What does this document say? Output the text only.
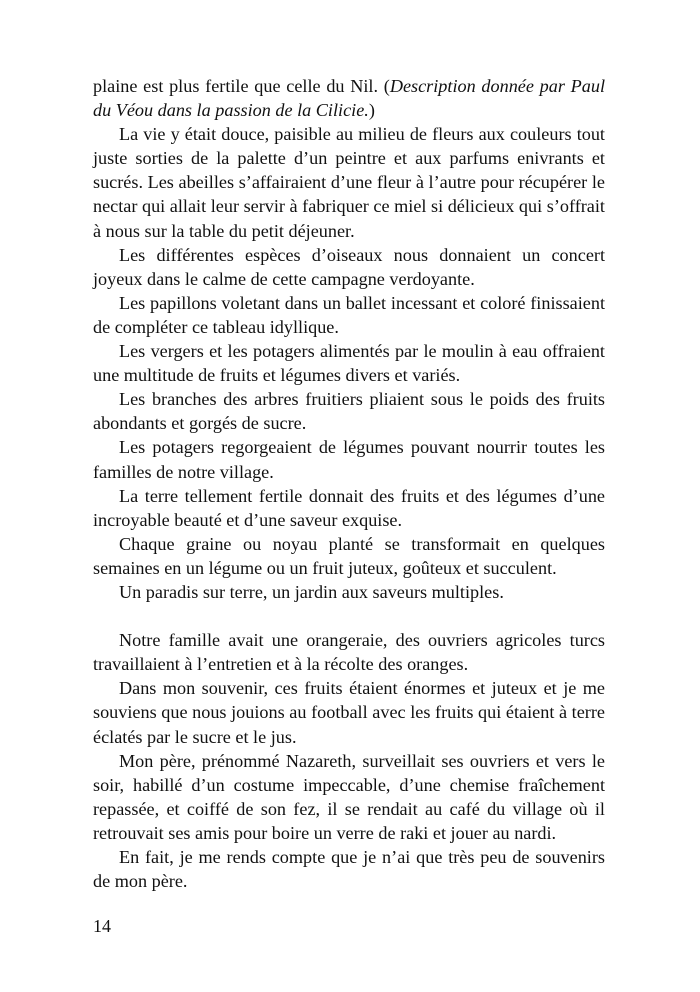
plaine est plus fertile que celle du Nil. (Description donnée par Paul du Véou dans la passion de la Cilicie.)

La vie y était douce, paisible au milieu de fleurs aux couleurs tout juste sorties de la palette d’un peintre et aux parfums enivrants et sucrés. Les abeilles s’affairaient d’une fleur à l’autre pour récupérer le nectar qui allait leur servir à fabriquer ce miel si délicieux qui s’offrait à nous sur la table du petit déjeuner.

Les différentes espèces d’oiseaux nous donnaient un concert joyeux dans le calme de cette campagne verdoyante.

Les papillons voletant dans un ballet incessant et coloré finissaient de compléter ce tableau idyllique.

Les vergers et les potagers alimentés par le moulin à eau offraient une multitude de fruits et légumes divers et variés.

Les branches des arbres fruitiers pliaient sous le poids des fruits abondants et gorgés de sucre.

Les potagers regorgeaient de légumes pouvant nourrir toutes les familles de notre village.

La terre tellement fertile donnait des fruits et des légumes d’une incroyable beauté et d’une saveur exquise.

Chaque graine ou noyau planté se transformait en quelques semaines en un légume ou un fruit juteux, goûteux et succulent.

Un paradis sur terre, un jardin aux saveurs multiples.

Notre famille avait une orangeraie, des ouvriers agricoles turcs travaillaient à l’entretien et à la récolte des oranges.

Dans mon souvenir, ces fruits étaient énormes et juteux et je me souviens que nous jouions au football avec les fruits qui étaient à terre éclatés par le sucre et le jus.

Mon père, prénommé Nazareth, surveillait ses ouvriers et vers le soir, habillé d’un costume impeccable, d’une chemise fraîchement repassée, et coiffé de son fez, il se rendait au café du village où il retrouvait ses amis pour boire un verre de raki et jouer au nardi.

En fait, je me rends compte que je n’ai que très peu de souvenirs de mon père.

14
